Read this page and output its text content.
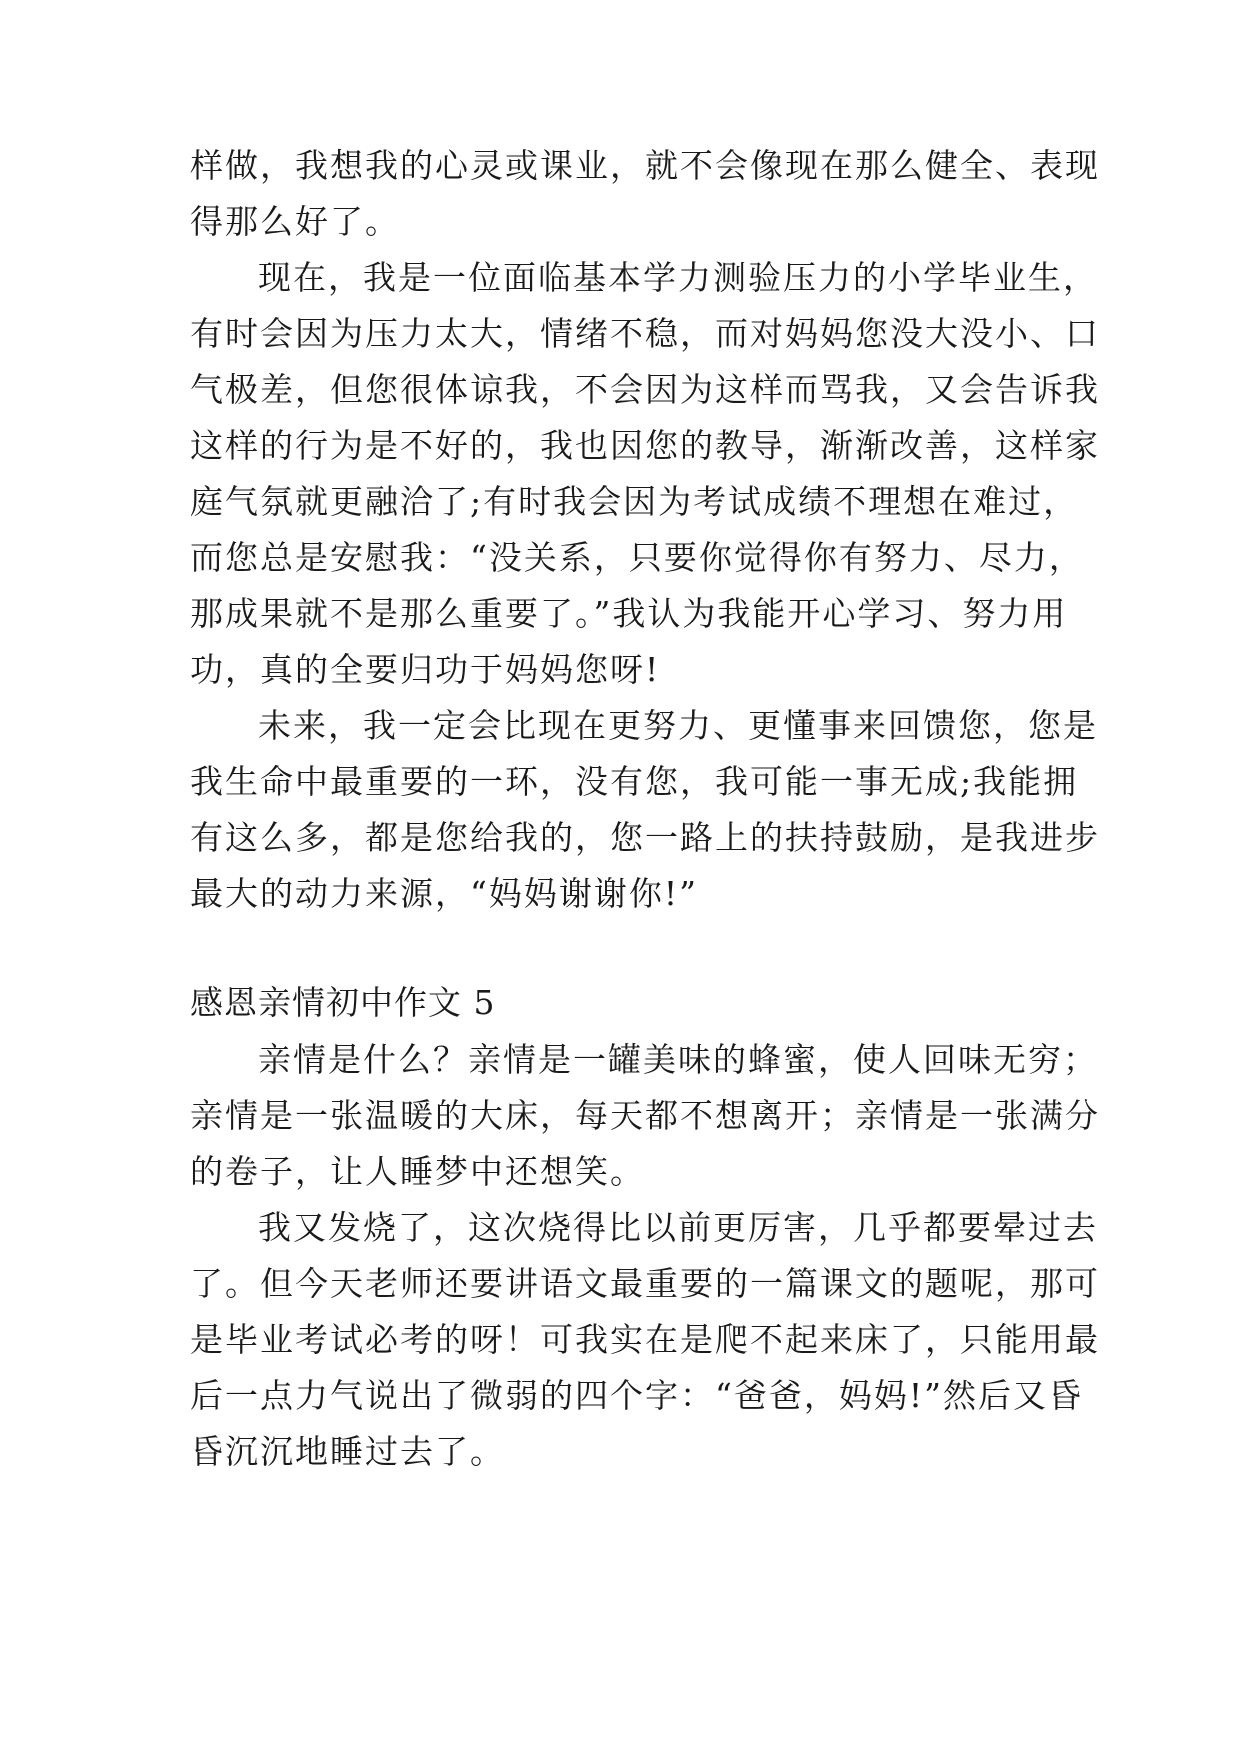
样做，我想我的心灵或课业，就不会像现在那么健全、表现
得那么好了。
现在，我是一位面临基本学力测验压力的小学毕业生，
有时会因为压力太大，情绪不稳，而对妈妈您没大没小、口
气极差，但您很体谅我，不会因为这样而骂我，又会告诉我
这样的行为是不好的，我也因您的教导，渐渐改善，这样家
庭气氛就更融洽了;有时我会因为考试成绩不理想在难过，
而您总是安慰我：“没关系，只要你觉得你有努力、尽力，
那成果就不是那么重要了。”我认为我能开心学习、努力用
功，真的全要归功于妈妈您呀!
未来，我一定会比现在更努力、更懂事来回馈您，您是
我生命中最重要的一环，没有您，我可能一事无成;我能拥
有这么多，都是您给我的，您一路上的扶持鼓励，是我进步
最大的动力来源，“妈妈谢谢你!”
感恩亲情初中作文 5
亲情是什么？亲情是一罐美味的蜂蜜，使人回味无穷；
亲情是一张温暖的大床，每天都不想离开；亲情是一张满分
的卷子，让人睡梦中还想笑。
我又发烧了，这次烧得比以前更厉害，几乎都要晕过去
了。但今天老师还要讲语文最重要的一篇课文的题呢，那可
是毕业考试必考的呀！可我实在是爬不起来床了，只能用最
后一点力气说出了微弱的四个字：“爸爸，妈妈!”然后又昏
昏沉沉地睡过去了。
